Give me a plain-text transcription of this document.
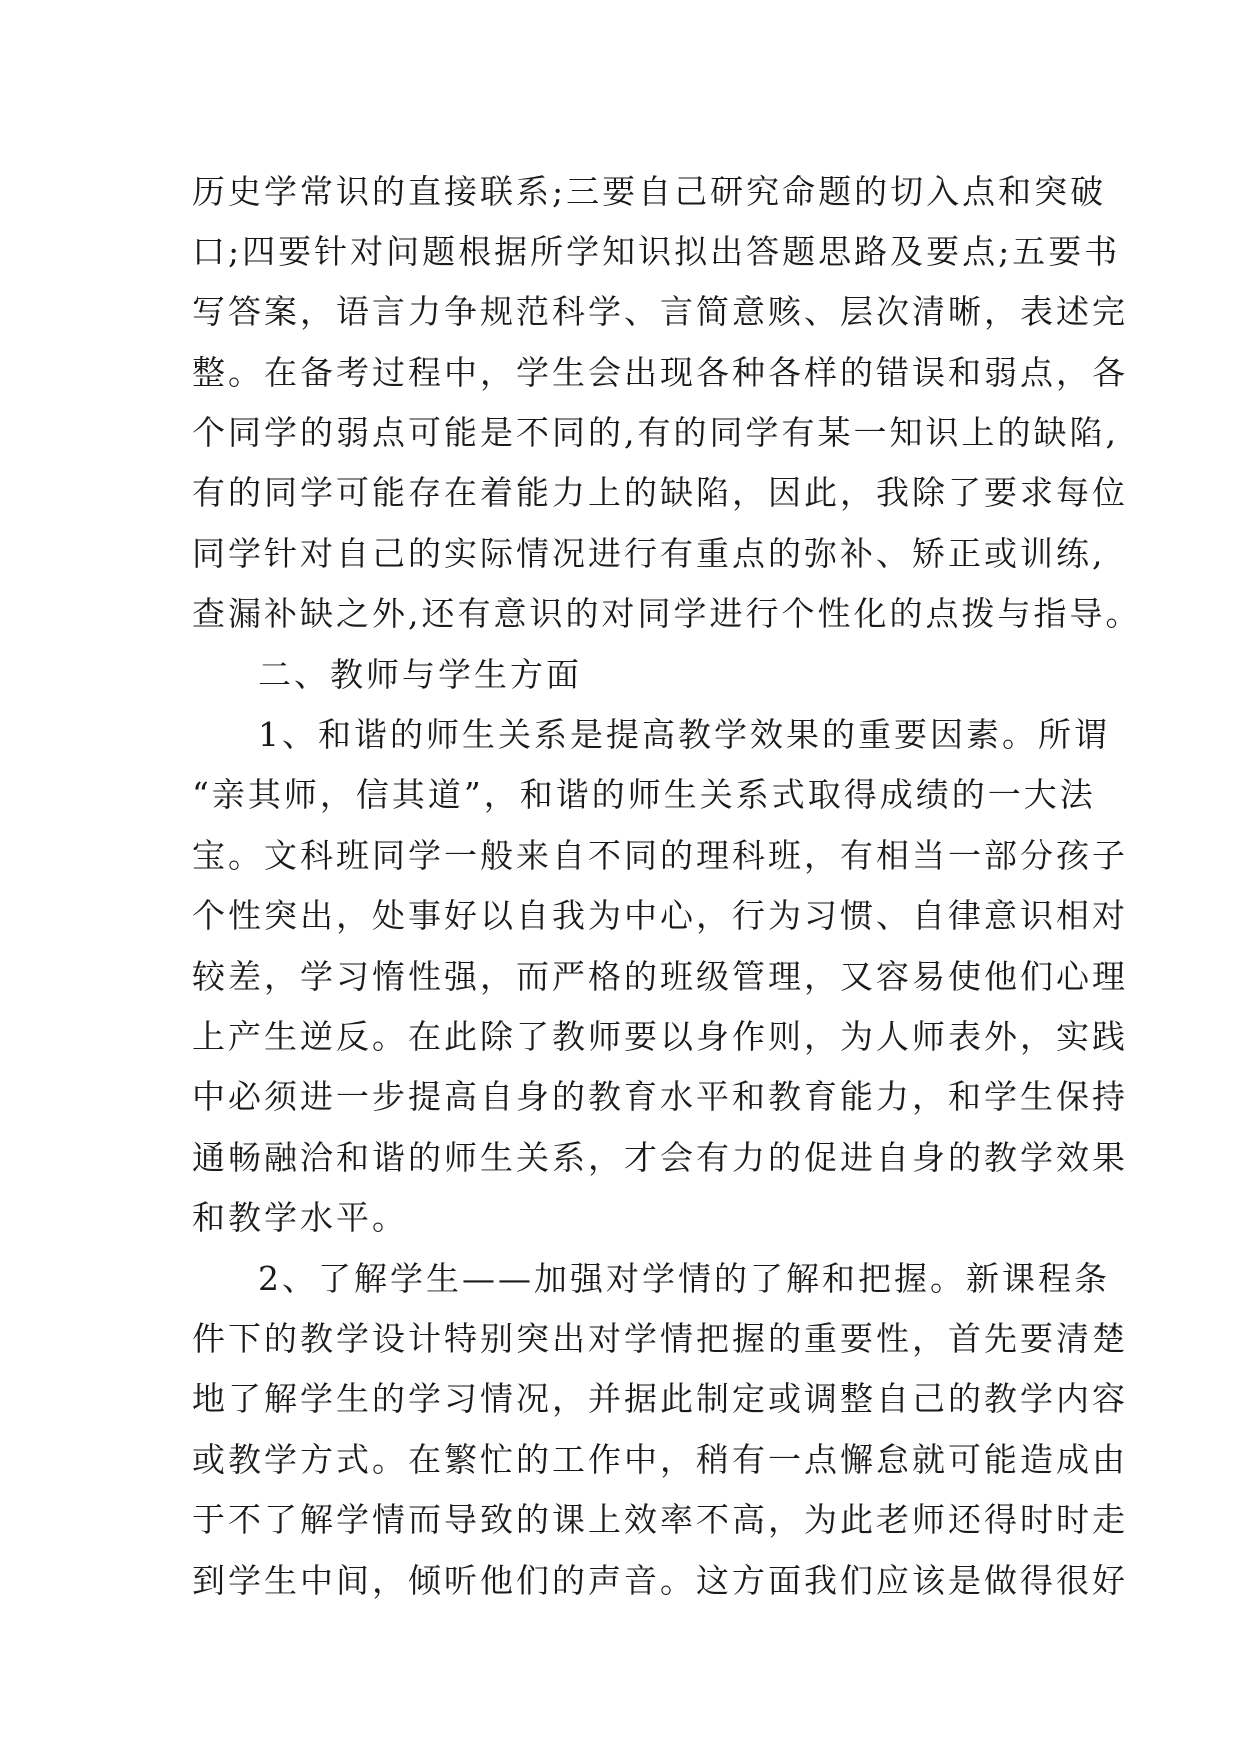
历史学常识的直接联系;三要自己研究命题的切入点和突破
口;四要针对问题根据所学知识拟出答题思路及要点;五要书
写答案，语言力争规范科学、言简意赅、层次清晰，表述完
整。在备考过程中，学生会出现各种各样的错误和弱点，各
个同学的弱点可能是不同的,有的同学有某一知识上的缺陷,
有的同学可能存在着能力上的缺陷，因此，我除了要求每位
同学针对自己的实际情况进行有重点的弥补、矫正或训练,
查漏补缺之外,还有意识的对同学进行个性化的点拨与指导。
二、教师与学生方面
1、和谐的师生关系是提高教学效果的重要因素。所谓
“亲其师，信其道”，和谐的师生关系式取得成绩的一大法
宝。文科班同学一般来自不同的理科班，有相当一部分孩子
个性突出，处事好以自我为中心，行为习惯、自律意识相对
较差，学习惰性强，而严格的班级管理，又容易使他们心理
上产生逆反。在此除了教师要以身作则，为人师表外，实践
中必须进一步提高自身的教育水平和教育能力，和学生保持
通畅融洽和谐的师生关系，才会有力的促进自身的教学效果
和教学水平。
2、了解学生——加强对学情的了解和把握。新课程条
件下的教学设计特别突出对学情把握的重要性，首先要清楚
地了解学生的学习情况，并据此制定或调整自己的教学内容
或教学方式。在繁忙的工作中，稍有一点懈怠就可能造成由
于不了解学情而导致的课上效率不高，为此老师还得时时走
到学生中间，倾听他们的声音。这方面我们应该是做得很好
